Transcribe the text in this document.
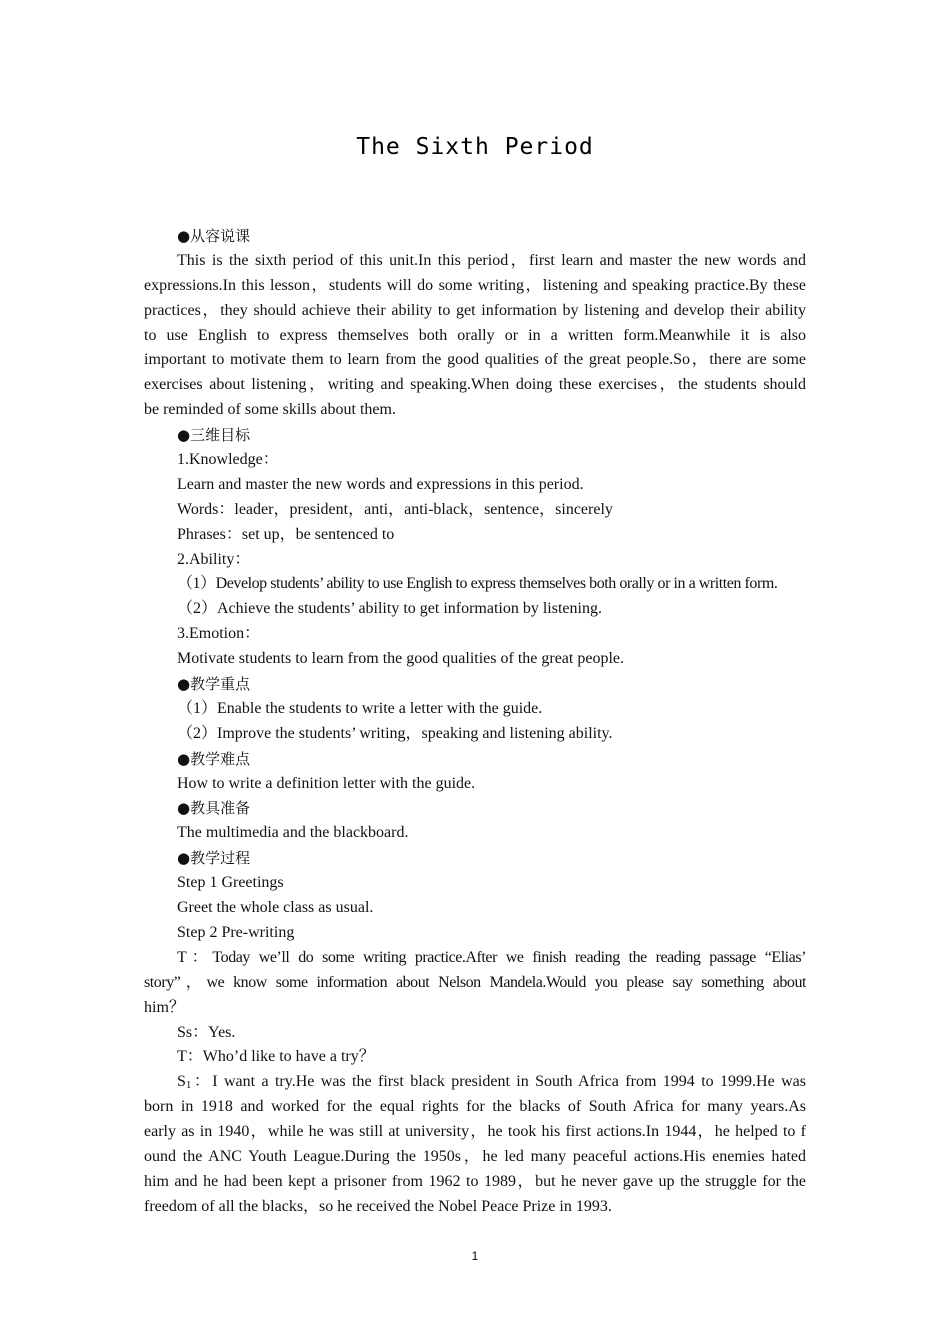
The Sixth Period
●从容说课
This is the sixth period of this unit.In this period，first learn and master the new words and
expressions.In this lesson，students will do some writing，listening and speaking practice.By these
practices，they should achieve their ability to get information by listening and develop their ability
to use English to express themselves both orally or in a written form.Meanwhile it is also
important to motivate them to learn from the good qualities of the great people.So，there are some
exercises about listening，writing and speaking.When doing these exercises，the students should
be reminded of some skills about them.
●三维目标
1.Knowledge：
Learn and master the new words and expressions in this period.
Words：leader，president，anti，anti-black，sentence，sincerely
Phrases：set up，be sentenced to
2.Ability：
（1）Develop students’ ability to use English to express themselves both orally or in a written form.
（2）Achieve the students’ ability to get information by listening.
3.Emotion：
Motivate students to learn from the good qualities of the great people.
●教学重点
（1）Enable the students to write a letter with the guide.
（2）Improve the students’ writing，speaking and listening ability.
●教学难点
How to write a definition letter with the guide.
●教具准备
The multimedia and the blackboard.
●教学过程
Step 1 Greetings
Greet the whole class as usual.
Step 2 Pre-writing
T：Today we’ll do some writing practice.After we finish reading the reading passage “Elias’
story”，we know some information about Nelson Mandela.Would you please say something about
him？
Ss：Yes.
T：Who’d like to have a try？
S1：I want a try.He was the first black president in South Africa from 1994 to 1999.He was
born in 1918 and worked for the equal rights for the blacks of South Africa for many years.As
early as in 1940，while he was still at university，he took his first actions.In 1944，he helped to f
ound the ANC Youth League.During the 1950s，he led many peaceful actions.His enemies hated
him and he had been kept a prisoner from 1962 to 1989，but he never gave up the struggle for the
freedom of all the blacks，so he received the Nobel Peace Prize in 1993.
1
